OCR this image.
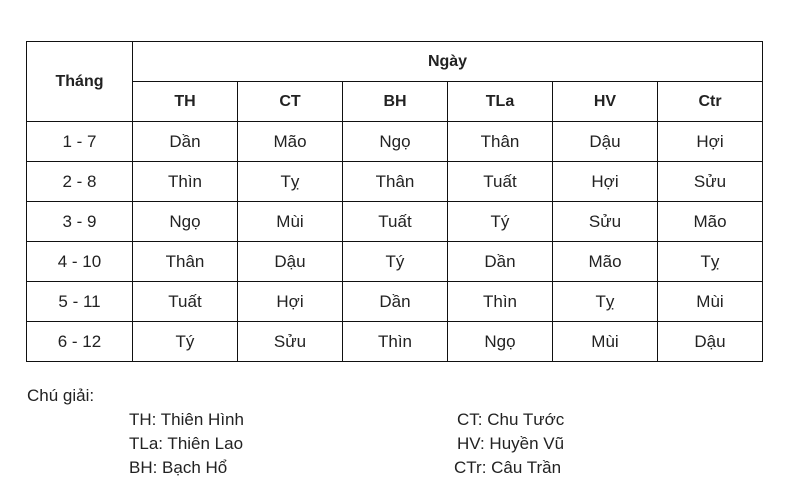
Tháng	Ngày					
	TH	CT	BH	TLa	HV	Ctr
1 - 7	Dần	Mão	Ngọ	Thân	Dậu	Hợi
2 - 8	Thìn	Tỵ	Thân	Tuất	Hợi	Sửu
3 - 9	Ngọ	Mùi	Tuất	Tý	Sửu	Mão
4 - 10	Thân	Dậu	Tý	Dần	Mão	Tỵ
5 - 11	Tuất	Hợi	Dần	Thìn	Tỵ	Mùi
6 - 12	Tý	Sửu	Thìn	Ngọ	Mùi	Dậu
Chú giải:
TH: Thiên Hình
TLa: Thiên Lao
BH: Bạch Hổ
CT: Chu Tước
HV: Huyền Vũ
CTr: Câu Trần
